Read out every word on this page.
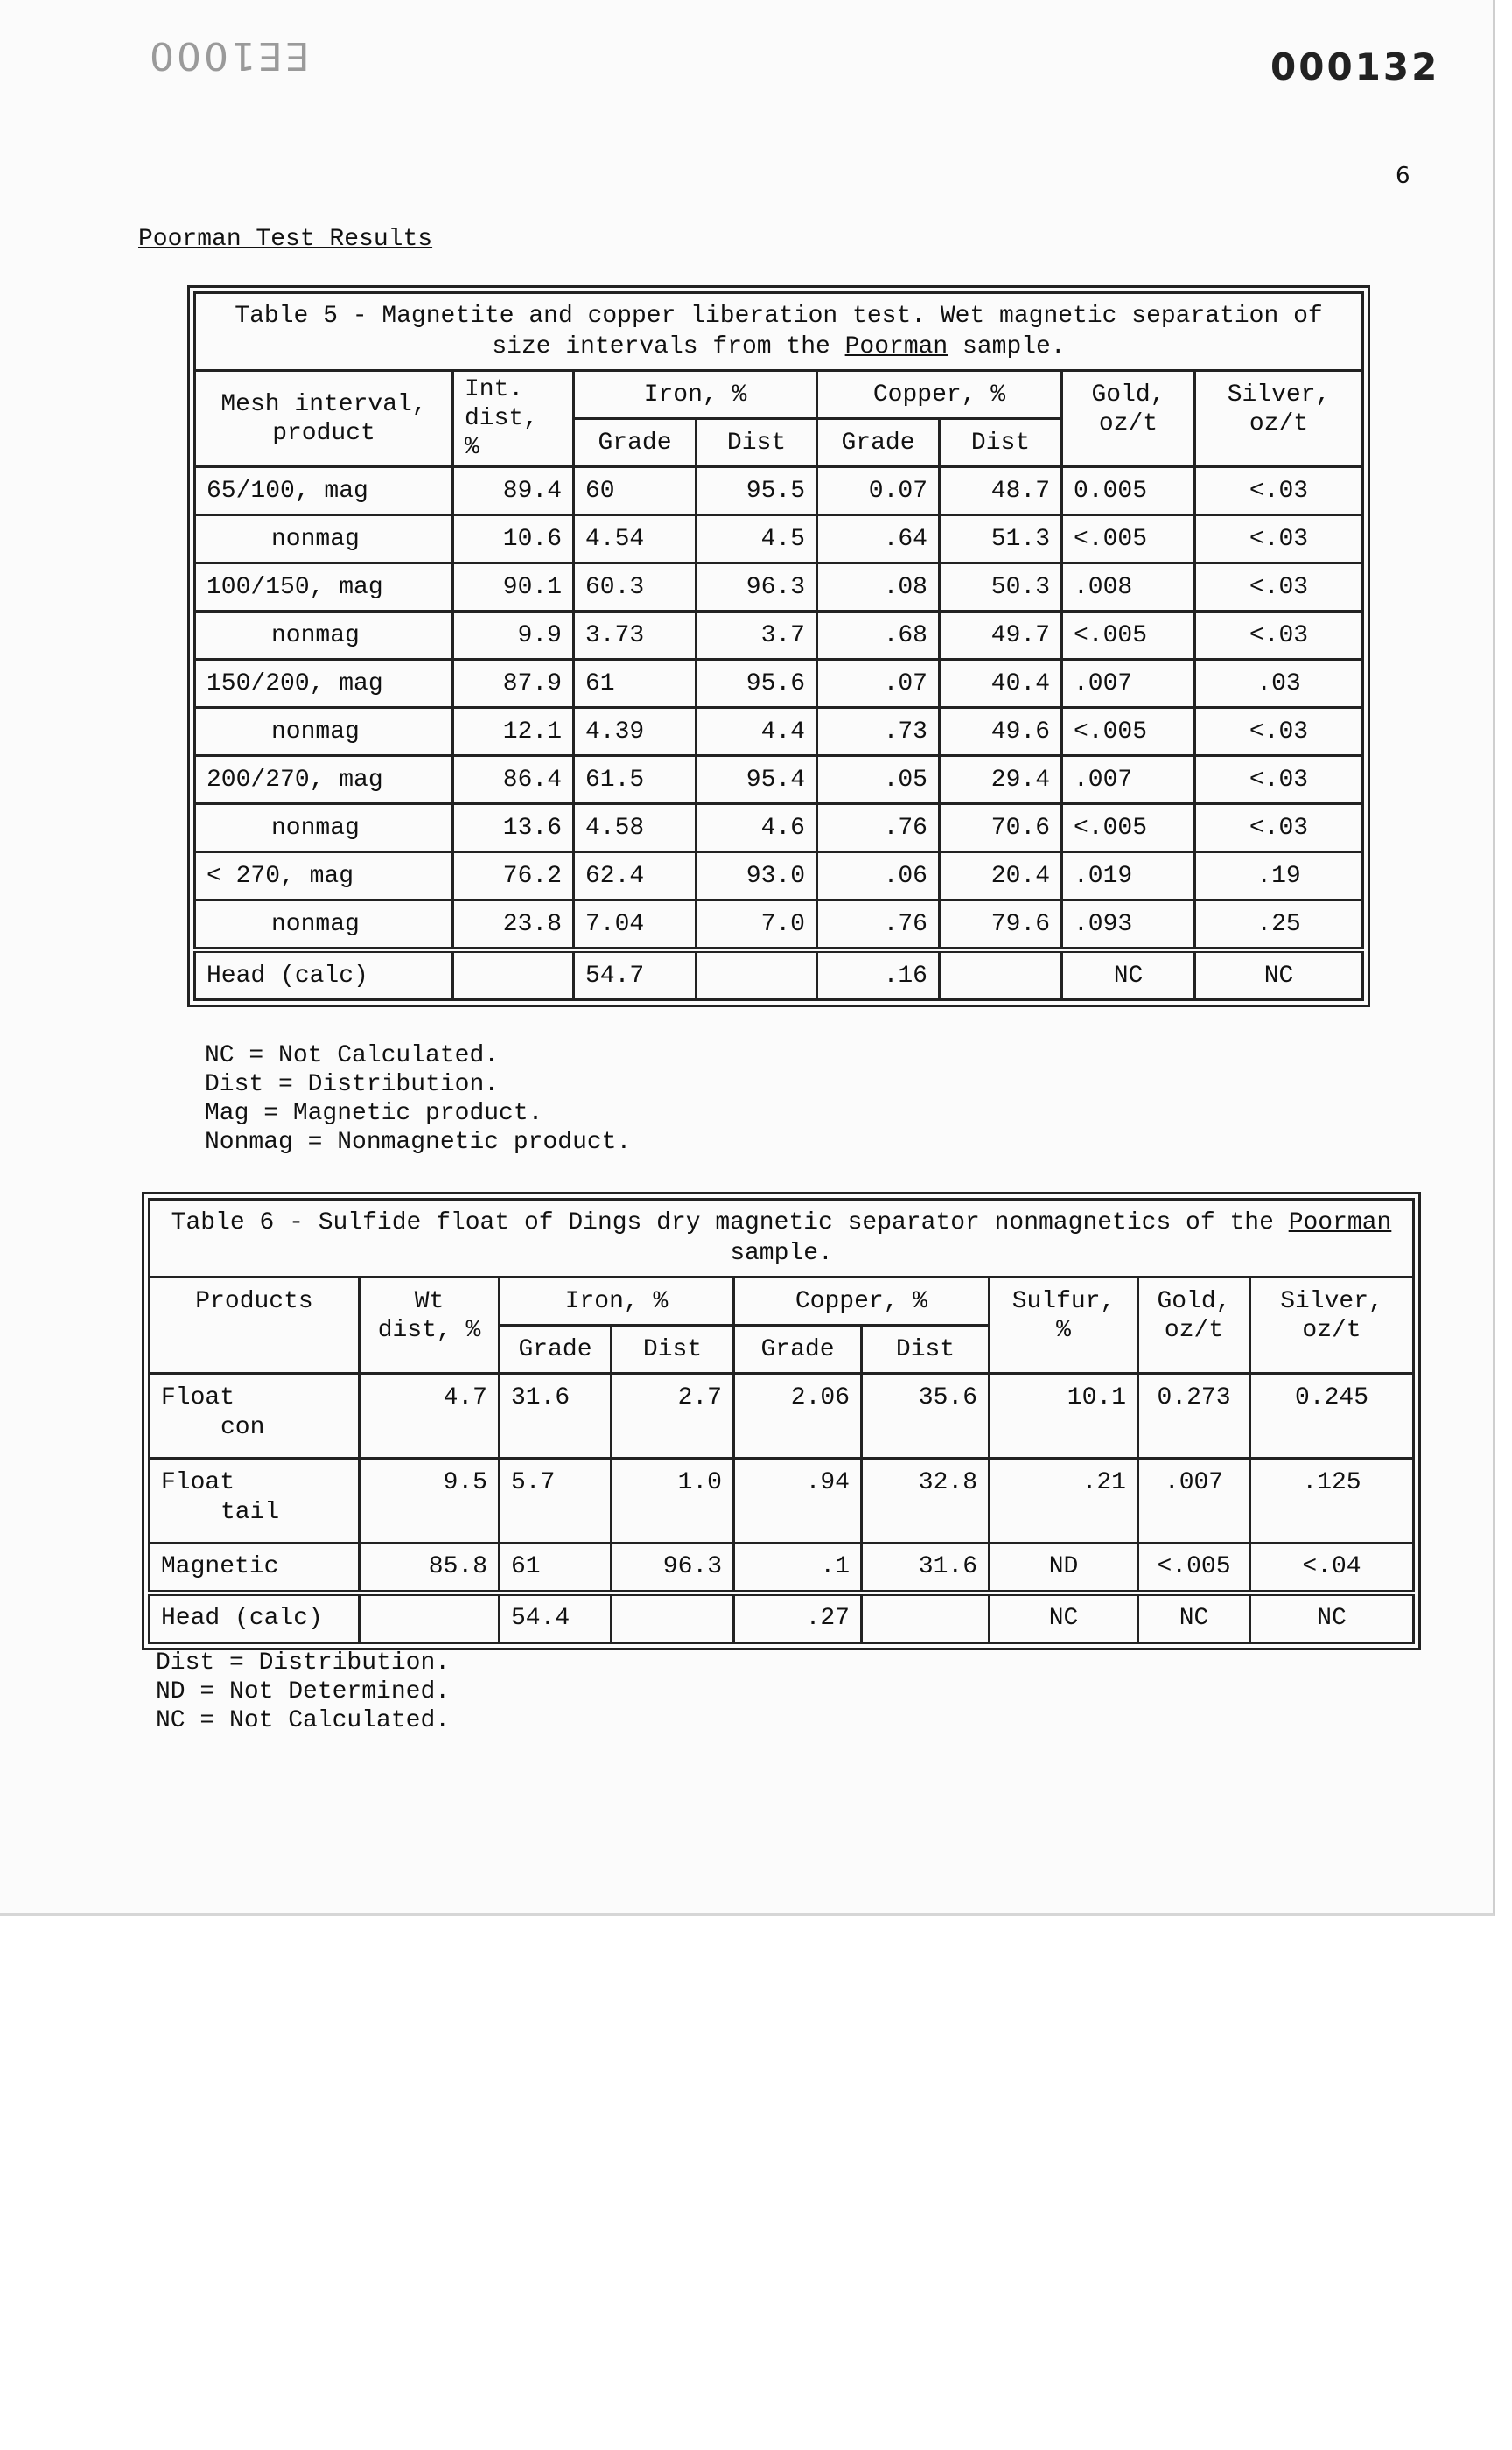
EE1000	000132
6
Poorman Test Results
Table 5 - Magnetite and copper liberation test. Wet magnetic separation of size intervals from the Poorman sample.							
Mesh interval, product	Int. dist, %	Iron, %		Copper, %		Gold, oz/t	Silver, oz/t
		Grade	Dist	Grade	Dist		
65/100, mag	89.4	60	95.5	0.07	48.7	0.005	<.03
nonmag	10.6	4.54	4.5	.64	51.3	<.005	<.03
100/150, mag	90.1	60.3	96.3	.08	50.3	.008	<.03
nonmag	9.9	3.73	3.7	.68	49.7	<.005	<.03
150/200, mag	87.9	61	95.6	.07	40.4	.007	.03
nonmag	12.1	4.39	4.4	.73	49.6	<.005	<.03
200/270, mag	86.4	61.5	95.4	.05	29.4	.007	<.03
nonmag	13.6	4.58	4.6	.76	70.6	<.005	<.03
< 270, mag	76.2	62.4	93.0	.06	20.4	.019	.19
nonmag	23.8	7.04	7.0	.76	79.6	.093	.25
Head (calc)		54.7		.16		NC	NC
NC = Not Calculated.
Dist = Distribution.
Mag = Magnetic product.
Nonmag = Nonmagnetic product.
Table 6 - Sulfide float of Dings dry magnetic separator nonmagnetics of the Poorman sample.								
Products	Wt dist, %	Iron, %		Copper, %		Sulfur, %	Gold, oz/t	Silver, oz/t
		Grade	Dist	Grade	Dist			

Float
con	4.7	31.6	2.7	2.06	35.6	10.1	0.273	0.245

Float
tail	9.5	5.7	1.0	.94	32.8	.21	.007	.125
Magnetic	85.8	61	96.3	.1	31.6	ND	<.005	<.04
Head (calc)		54.4		.27		NC	NC	NC
Dist = Distribution.
ND = Not Determined.
NC = Not Calculated.
